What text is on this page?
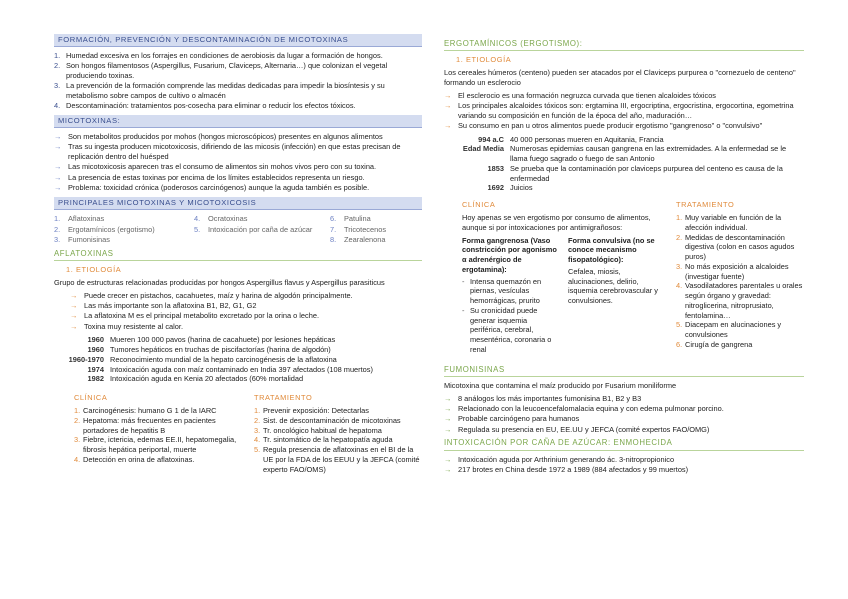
FORMACIÓN, PREVENCIÓN Y DESCONTAMINACIÓN DE MICOTOXINAS
1. Humedad excesiva en los forrajes en condiciones de aerobiosis da lugar a formación de hongos.
2. Son hongos filamentosos (Aspergillus, Fusarium, Claviceps, Alternaria…) que colonizan el vegetal produciendo toxinas.
3. La prevención de la formación comprende las medidas dedicadas para impedir la biosíntesis y su metabolismo sobre campos de cultivo o almacén
4. Descontaminación: tratamientos pos-cosecha para eliminar o reducir los efectos tóxicos.
MICOTOXINAS:
→ Son metabolitos producidos por mohos (hongos microscópicos) presentes en algunos alimentos
→ Tras su ingesta producen micotoxicosis, difiriendo de las micosis (infección) en que estas precisan de replicación dentro del huésped
→ Las micotoxicosis aparecen tras el consumo de alimentos sin mohos vivos pero con su toxina.
→ La presencia de estas toxinas por encima de los límites establecidos representa un riesgo.
→ Problema: toxicidad crónica (poderosos carcinógenos) aunque la aguda también es posible.
PRINCIPALES MICOTOXINAS Y MICOTOXICOSIS
1. Aflatoxinas	4. Ocratoxinas	6. Patulina
2. Ergotamínicos (ergotismo)	5. Intoxicación por caña de azúcar	7. Tricotecenos
3. Fumonisinas	8. Zearalenona
AFLATOXINAS
1. ETIOLOGÍA
Grupo de estructuras relacionadas producidas por hongos Aspergillus flavus y Aspergillus parasiticus
→ Puede crecer en pistachos, cacahuetes, maíz y harina de algodón principalmente.
→ Las más importante son la aflatoxina B1, B2, G1, G2
→ La aflatoxina M es el principal metabolito excretado por la orina o leche.
→ Toxina muy resistente al calor.
1960 Mueren 100 000 pavos (harina de cacahuete) por lesiones hepáticas
1960 Tumores hepáticos en truchas de piscifactorías (harina de algodón)
1960-1970 Reconocimiento mundial de la hepato carcinogénesis de la aflatoxina
1974 Intoxicación aguda con maíz contaminado en India 397 afectados (108 muertos)
1982 Intoxicación aguda en Kenia 20 afectados (60% mortalidad
CLÍNICA
1. Carcinogénesis: humano G 1 de la IARC
2. Hepatoma: más frecuentes en pacientes portadores de hepatitis B
3. Fiebre, ictericia, edemas EE.II, hepatomegalia, fibrosis hepática periportal, muerte
4. Detección en orina de aflatoxinas.
TRATAMIENTO
1. Prevenir exposición: Detectarlas
2. Sist. de descontaminación de micotoxinas
3. Tr. oncológico habitual de hepatoma
4. Tr. sintomático de la hepatopatía aguda
5. Regula presencia de aflatoxinas en el BI de la UE por la FDA de los EEUU y la JEFCA (comité experto FAO/OMS)
ERGOTAMÍNICOS (ERGOTISMO):
1. ETIOLOGÍA
Los cereales húmeros (centeno) pueden ser atacados por el Claviceps purpurea o "cornezuelo de centeno" formando un esclerocio
→ El esclerocio es una formación negruzca curvada que tienen alcaloides tóxicos
→ Los principales alcaloides tóxicos son: ergtamina III, ergocriptina, ergocristina, ergocortina, egometrina variando su composición en función de la época del año, maduración…
→ Su consumo en pan u otros alimentos puede producir ergotismo "gangrenoso" o "convulsivo"
994 a.C 40 000 personas mueren en Aquitania, Francia
Edad Media Numerosas epidemias causan gangrena en las extremidades. A la enfermedad se le llama fuego sagrado o fuego de san Antonio
1853 Se prueba que la contaminación por claviceps purpurea del centeno es causa de la enfermedad
1692 Juicios
CLÍNICA
Hoy apenas se ven ergotismo por consumo de alimentos, aunque si por intoxicaciones por antimigrañosos:
Forma gangrenosa (Vaso constricción por agonismo α adrenérgico de ergotamina):
- Intensa quemazón en piernas, vesículas hemorrágicas, prurito
- Su cronicidad puede generar isquemia periférica, cerebral, mesentérica, coronaria o renal
Forma convulsiva (no se conoce mecanismo fisopatológico):
Cefalea, miosis, alucinaciones, delirio, isquemia cerebrovascular y convulsiones.
TRATAMIENTO
1. Muy variable en función de la afección individual.
2. Medidas de descontaminación digestiva (colon en casos agudos puros)
3. No más exposición a alcaloides (investigar fuente)
4. Vasodilatadores parentales u orales según órgano y gravedad: nitroglicerina, nitroprusiato, fentolamina…
5. Diacepam en alucinaciones y convulsiones
6. Cirugía de gangrena
FUMONISINAS
Micotoxina que contamina el maíz producido por Fusarium moniliforme
→ 8 análogos los más importantes fumonisina B1, B2 y B3
→ Relacionado con la leucoencefalomalacia equina y con edema pulmonar porcino.
→ Probable carcinógeno para humanos
→ Regulada su presencia en EU, EE.UU y JEFCA (comité expertos FAO/OMG)
INTOXICACIÓN POR CAÑA DE AZÚCAR: ENMOHECIDA
→ Intoxicación aguda por Arthrinium generando ác. 3-nitropropionico
→ 217 brotes en China desde 1972 a 1989 (884 afectados y 99 muertos)
